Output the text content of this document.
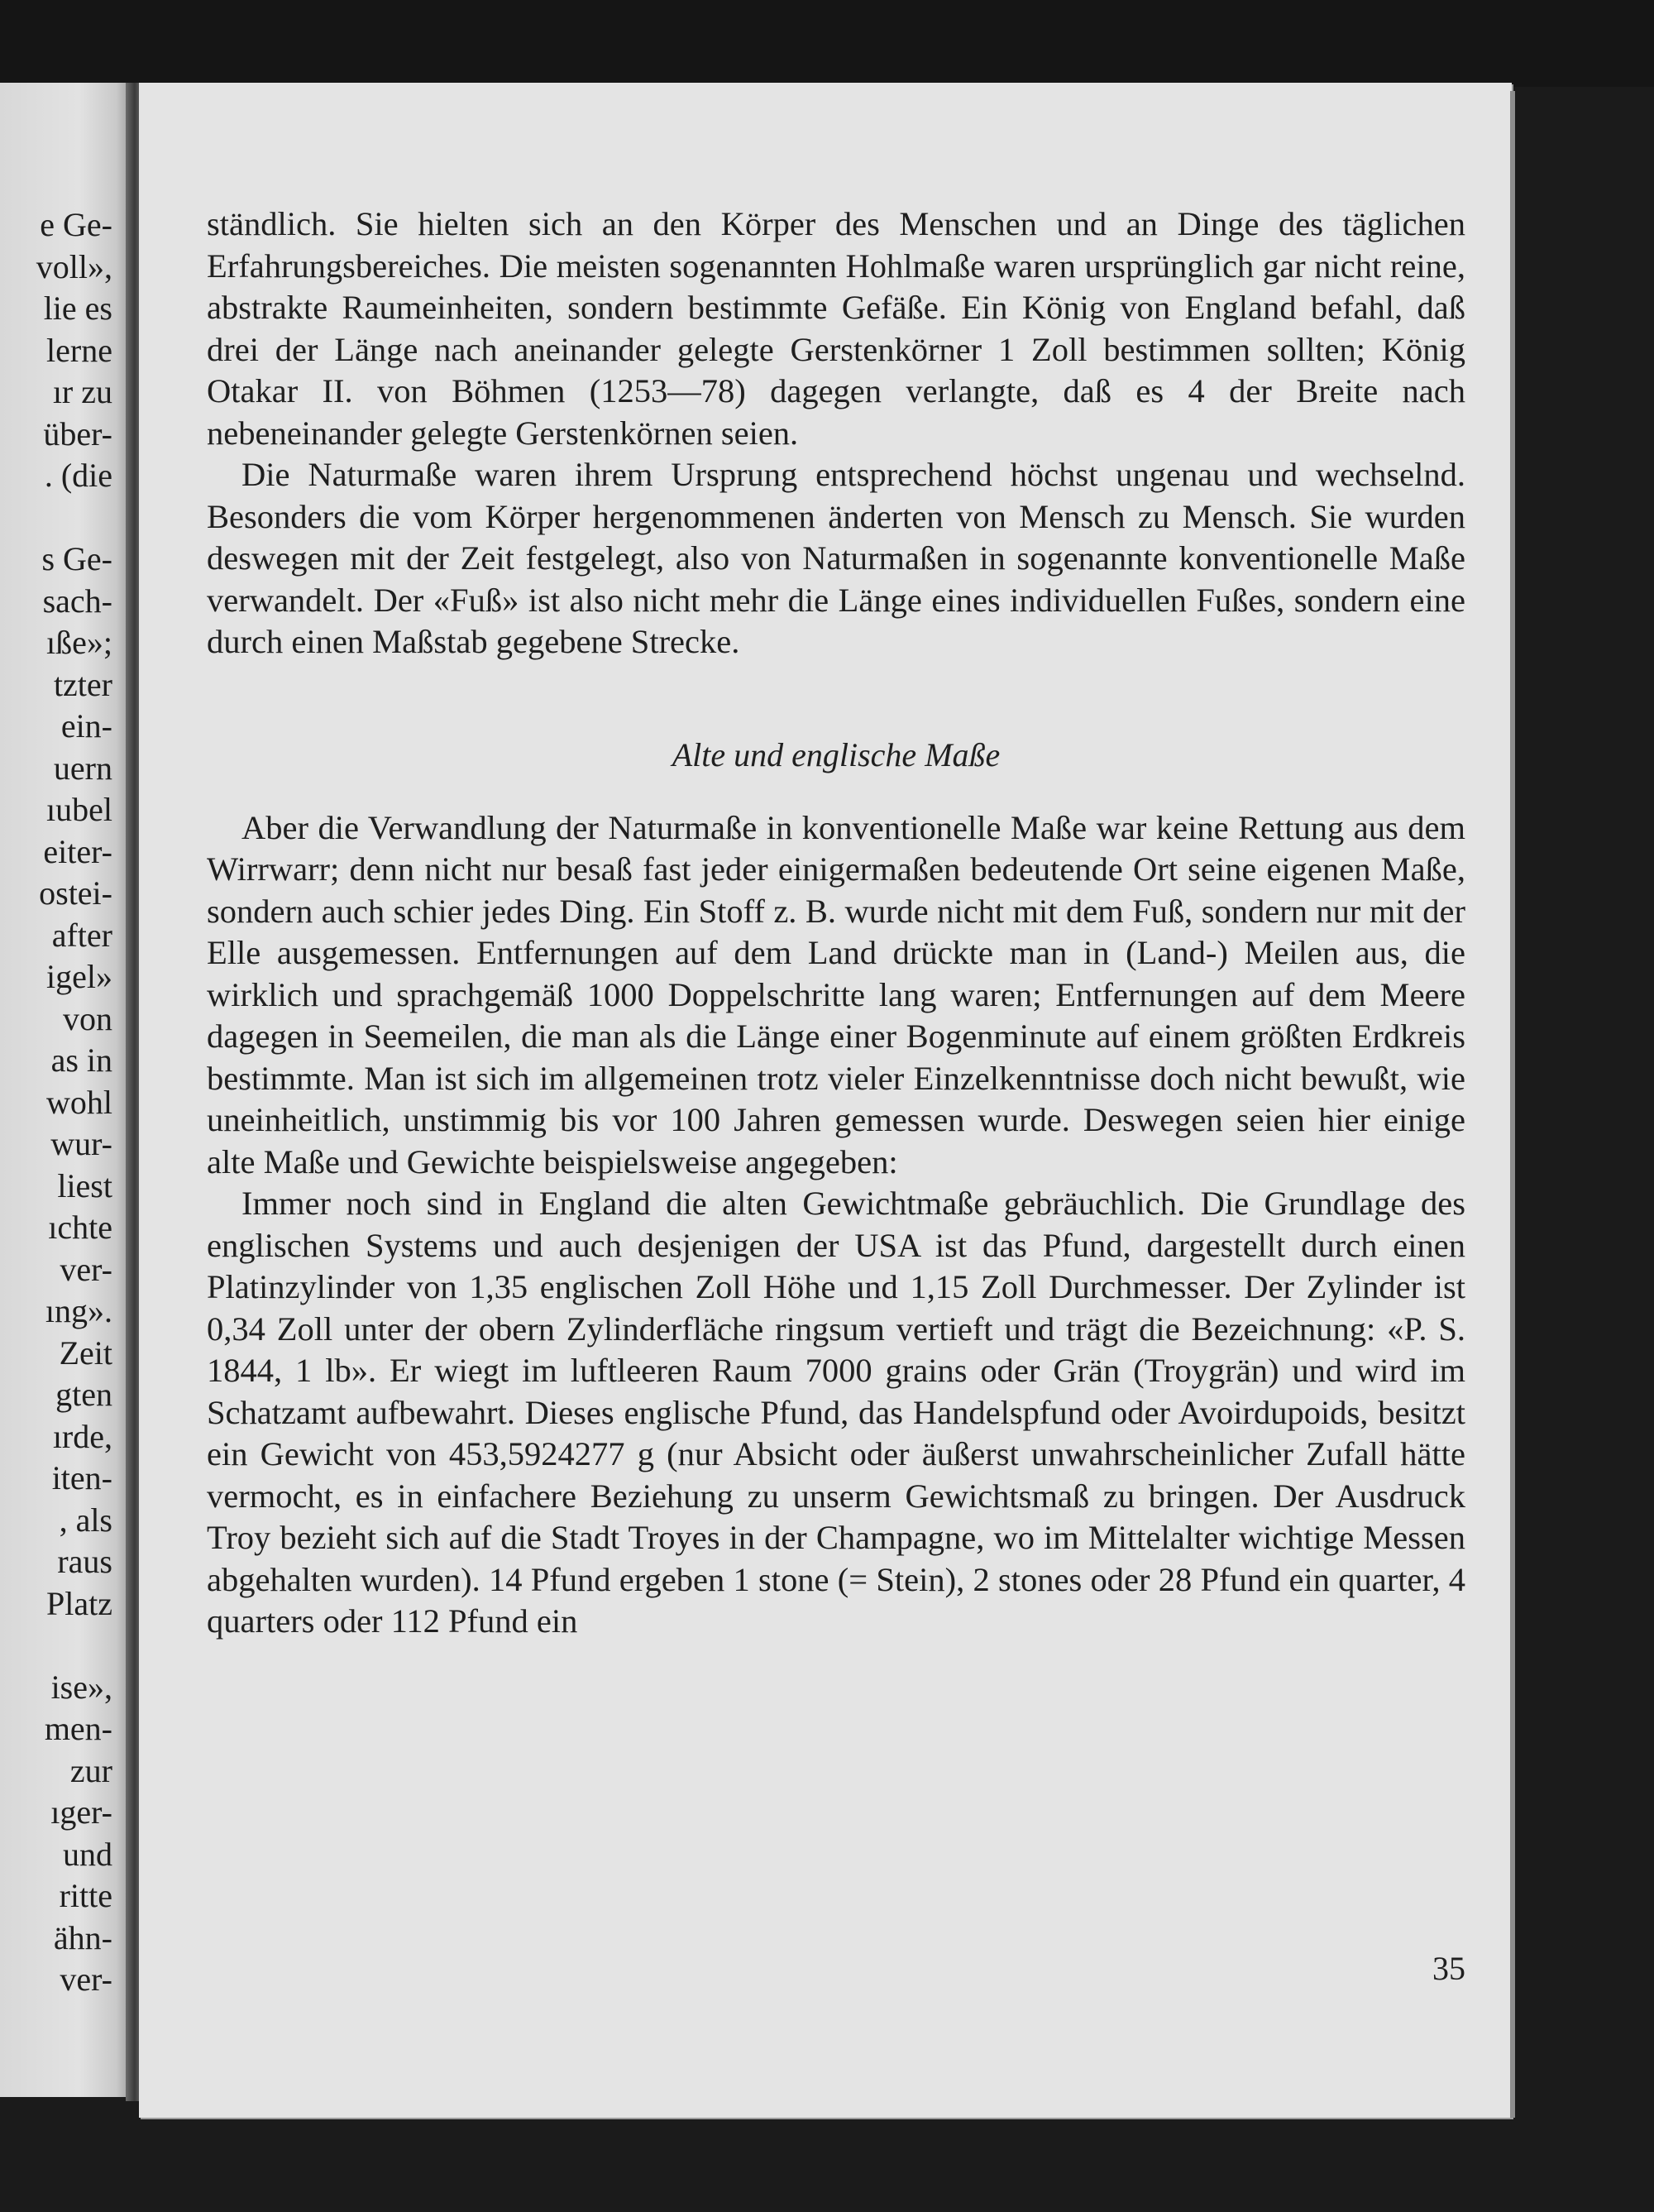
e Ge-
voll»,
lie es
lerne
ır zu
über-
. (die
s Ge-
sach-
ıße»;
tzter
ein-
uern
ıubel
eiter-
ostei-
after
igel»
von
as in
wohl
wur-
liest
ıchte
ver-
ıng».
Zeit
gten
ırde,
iten-
, als
raus
Platz
ise»,
men-
zur
ıger-
und
ritte
ähn-
ver-

ständlich. Sie hielten sich an den Körper des Menschen und an Dinge des täglichen Erfahrungsbereiches. Die meisten sogenannten Hohlmaße waren ursprünglich gar nicht reine, abstrakte Raumeinheiten, sondern bestimmte Gefäße. Ein König von England befahl, daß drei der Länge nach aneinander gelegte Gerstenkörner 1 Zoll bestimmen sollten; König Otakar II. von Böhmen (1253—78) dagegen verlangte, daß es 4 der Breite nach nebeneinander gelegte Gerstenkörnen seien.

Die Naturmaße waren ihrem Ursprung entsprechend höchst ungenau und wechselnd. Besonders die vom Körper hergenommenen änderten von Mensch zu Mensch. Sie wurden deswegen mit der Zeit festgelegt, also von Naturmaßen in sogenannte konventionelle Maße verwandelt. Der «Fuß» ist also nicht mehr die Länge eines individuellen Fußes, sondern eine durch einen Maßstab gegebene Strecke.

Alte und englische Maße

Aber die Verwandlung der Naturmaße in konventionelle Maße war keine Rettung aus dem Wirrwarr; denn nicht nur besaß fast jeder einigermaßen bedeutende Ort seine eigenen Maße, sondern auch schier jedes Ding. Ein Stoff z. B. wurde nicht mit dem Fuß, sondern nur mit der Elle ausgemessen. Entfernungen auf dem Land drückte man in (Land-) Meilen aus, die wirklich und sprachgemäß 1000 Doppelschritte lang waren; Entfernungen auf dem Meere dagegen in Seemeilen, die man als die Länge einer Bogenminute auf einem größten Erdkreis bestimmte. Man ist sich im allgemeinen trotz vieler Einzelkenntnisse doch nicht bewußt, wie uneinheitlich, unstimmig bis vor 100 Jahren gemessen wurde. Deswegen seien hier einige alte Maße und Gewichte beispielsweise angegeben:

Immer noch sind in England die alten Gewichtmaße gebräuchlich. Die Grundlage des englischen Systems und auch desjenigen der USA ist das Pfund, dargestellt durch einen Platinzylinder von 1,35 englischen Zoll Höhe und 1,15 Zoll Durchmesser. Der Zylinder ist 0,34 Zoll unter der obern Zylinderfläche ringsum vertieft und trägt die Bezeichnung: «P. S. 1844, 1 lb». Er wiegt im luftleeren Raum 7000 grains oder Grän (Troygrän) und wird im Schatzamt aufbewahrt. Dieses englische Pfund, das Handelspfund oder Avoirdupoids, besitzt ein Gewicht von 453,5924277 g (nur Absicht oder äußerst unwahrscheinlicher Zufall hätte vermocht, es in einfachere Beziehung zu unserm Gewichtsmaß zu bringen. Der Ausdruck Troy bezieht sich auf die Stadt Troyes in der Champagne, wo im Mittelalter wichtige Messen abgehalten wurden). 14 Pfund ergeben 1 stone (= Stein), 2 stones oder 28 Pfund ein quarter, 4 quarters oder 112 Pfund ein

35
